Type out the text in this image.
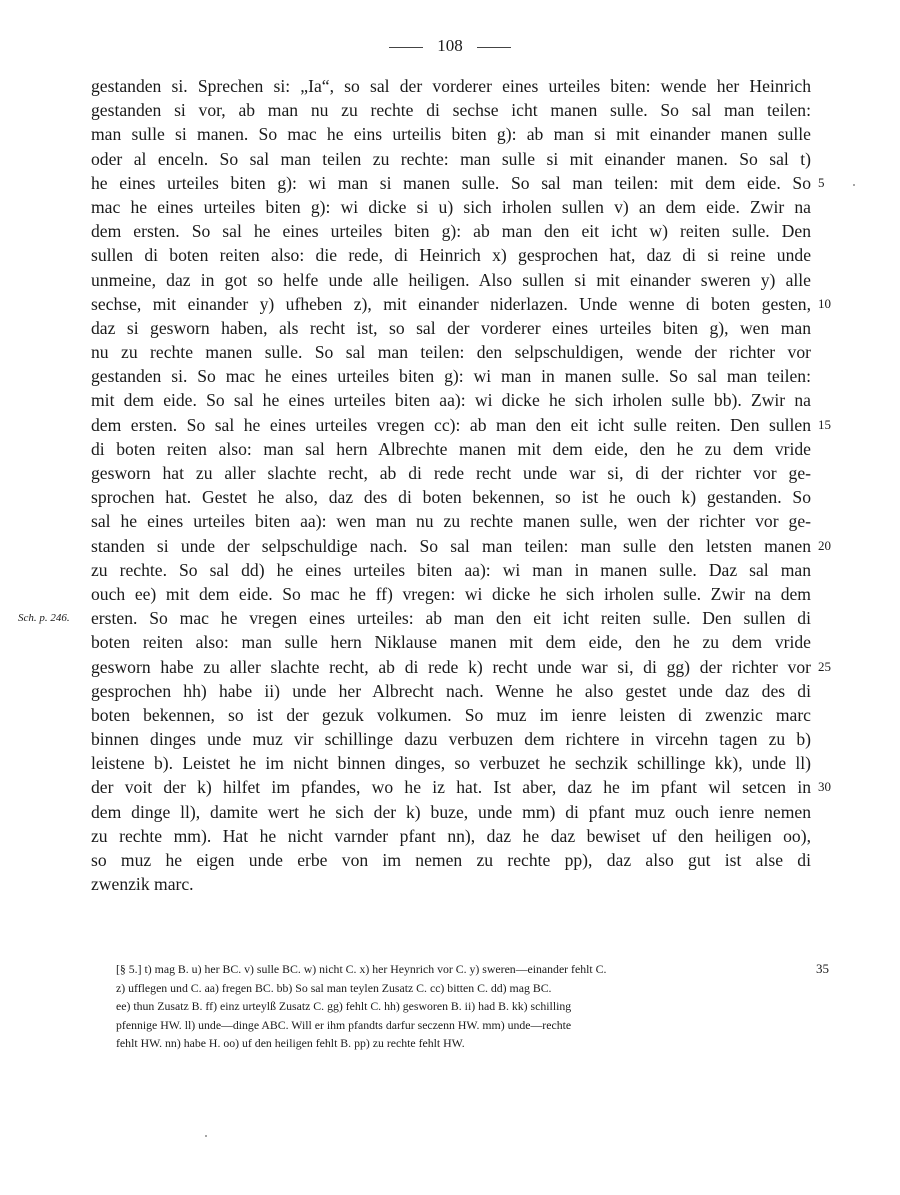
108
gestanden si. Sprechen si: „Ia“, so sal der vorderer eines urteiles biten: wende her Heinrich
gestanden si vor, ab man nu zu rechte di sechse icht manen sulle. So sal man teilen:
man sulle si manen. So mac he eins urteilis biten g): ab man si mit einander manen sulle
oder al enceln. So sal man teilen zu rechte: man sulle si mit einander manen. So sal t)
he eines urteiles biten g): wi man si manen sulle. So sal man teilen: mit dem eide. So 5
mac he eines urteiles biten g): wi dicke si u) sich irholen sullen v) an dem eide. Zwir na
dem ersten. So sal he eines urteiles biten g): ab man den eit icht w) reiten sulle. Den
sullen di boten reiten also: die rede, di Heinrich x) gesprochen hat, daz di si reine unde
unmeine, daz in got so helfe unde alle heiligen. Also sullen si mit einander sweren y) alle
sechse, mit einander y) ufheben z), mit einander niderlazen. Unde wenne di boten gesten, 10
daz si gesworn haben, als recht ist, so sal der vorderer eines urteiles biten g), wen man
nu zu rechte manen sulle. So sal man teilen: den selpschuldigen, wende der richter vor
gestanden si. So mac he eines urteiles biten g): wi man in manen sulle. So sal man teilen:
mit dem eide. So sal he eines urteiles biten aa): wi dicke he sich irholen sulle bb). Zwir na
dem ersten. So sal he eines urteiles vregen cc): ab man den eit icht sulle reiten. Den sullen 15
di boten reiten also: man sal hern Albrechte manen mit dem eide, den he zu dem vride
gesworn hat zu aller slachte recht, ab di rede recht unde war si, di der richter vor ge-
sprochen hat. Gestet he also, daz des di boten bekennen, so ist he ouch k) gestanden. So
sal he eines urteiles biten aa): wen man nu zu rechte manen sulle, wen der richter vor ge-
standen si unde der selpschuldige nach. So sal man teilen: man sulle den letsten manen 20
zu rechte. So sal dd) he eines urteiles biten aa): wi man in manen sulle. Daz sal man
ouch ee) mit dem eide. So mac he ff) vregen: wi dicke he sich irholen sulle. Zwir na dem
ersten. So mac he vregen eines urteiles: ab man den eit icht reiten sulle. Den sullen di
Sch. p. 246.
boten reiten also: man sulle hern Niklause manen mit dem eide, den he zu dem vride
gesworn habe zu aller slachte recht, ab di rede k) recht unde war si, di gg) der richter vor 25
gesprochen hh) habe ii) unde her Albrecht nach. Wenne he also gestet unde daz des di
boten bekennen, so ist der gezuk volkumen. So muz im ienre leisten di zwenzic marc
binnen dinges unde muz vir schillinge dazu verbuzen dem richtere in vircehn tagen zu b)
leistene b). Leistet he im nicht binnen dinges, so verbuzet he sechzik schillinge kk), unde ll)
der voit der k) hilfet im pfandes, wo he iz hat. Ist aber, daz he im pfant wil setcen in 30
dem dinge ll), damite wert he sich der k) buze, unde mm) di pfant muz ouch ienre nemen
zu rechte mm). Hat he nicht varnder pfant nn), daz he daz bewiset uf den heiligen oo),
so muz he eigen unde erbe von im nemen zu rechte pp), daz also gut ist alse di
zwenzik marc.
[§ 5.] t) mag B. u) her BC. v) sulle BC. w) nicht C. x) her Heynrich vor C. y) sweren—einander fehlt C.	35
z) ufflegen und C. aa) fregen BC. bb) So sal man teylen Zusatz C. cc) bitten C. dd) mag BC.
ee) thun Zusatz B. ff) einz urteylß Zusatz C. gg) fehlt C. hh) gesworen B. ii) had B. kk) schilling
pfennige HW. ll) unde—dinge ABC. Will er ihm pfandts darfur seczenn HW. mm) unde—rechte
fehlt HW. nn) habe H. oo) uf den heiligen fehlt B. pp) zu rechte fehlt HW.
